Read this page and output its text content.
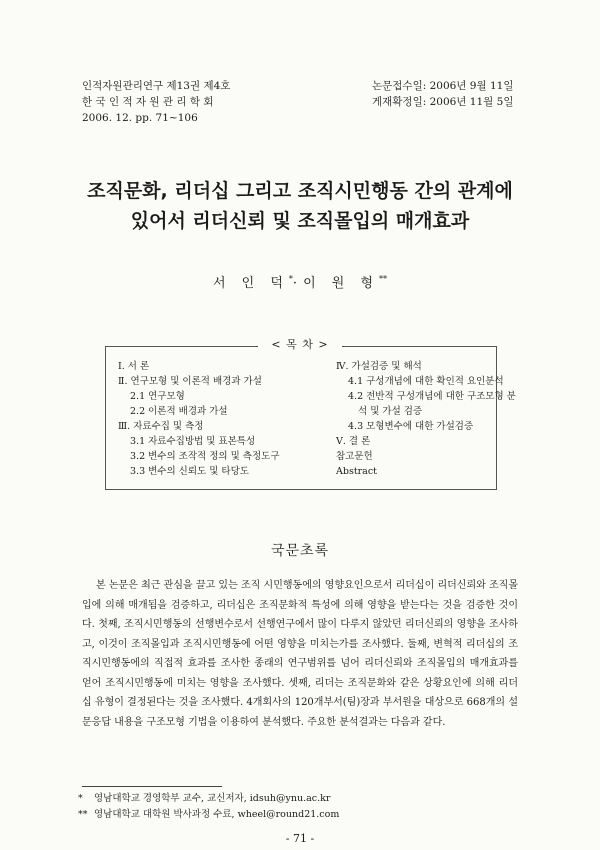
인적자원관리연구 제13권 제4호
한 국 인 적 자 원 관 리 학 회
2006. 12. pp. 71~106
논문접수일: 2006년 9월 11일
게재확정일: 2006년 11월 5일
조직문화, 리더십 그리고 조직시민행동 간의 관계에
있어서 리더신뢰 및 조직몰입의 매개효과
서 인 덕*·이 원 형**
Ⅰ. 서 론
Ⅱ. 연구모형 및 이론적 배경과 가설
2.1 연구모형
2.2 이론적 배경과 가설
Ⅲ. 자료수집 및 측정
3.1 자료수집방법 및 표본특성
3.2 변수의 조작적 정의 및 측정도구
3.3 변수의 신뢰도 및 타당도
Ⅳ. 가설검증 및 해석
4.1 구성개념에 대한 확인적 요인분석
4.2 전반적 구성개념에 대한 구조모형 분
석 및 가설 검증
4.3 모형변수에 대한 가설검증
Ⅴ. 결 론
참고문헌
Abstract
< 목 차 >
국문초록
본 논문은 최근 관심을 끌고 있는 조직 시민행동에의 영향요인으로서 리더십이 리더신뢰와 조직몰입에 의해 매개됨을 검증하고, 리더십은 조직문화적 특성에 의해 영향을 받는다는 것을 검증한 것이다. 첫째, 조직시민행동의 선행변수로서 선행연구에서 많이 다루지 않았던 리더신뢰의 영향을 조사하고, 이것이 조직몰입과 조직시민행동에 어떤 영향을 미치는가를 조사했다. 둘째, 변혁적 리더십의 조직시민행동에의 직접적 효과를 조사한 종래의 연구범위를 넘어 리더신뢰와 조직몰입의 매개효과를 얻어 조직시민행동에 미치는 영향을 조사했다. 셋째, 리더는 조직문화와 같은 상황요인에 의해 리더십 유형이 결정된다는 것을 조사했다. 4개회사의 120개부서(팀)장과 부서원을 대상으로 668개의 설문응답 내용을 구조모형 기법을 이용하여 분석했다. 주요한 분석결과는 다음과 같다.
* 영남대학교 경영학부 교수, 교신저자, idsuh@ynu.ac.kr
** 영남대학교 대학원 박사과정 수료, wheel@round21.com
- 71 -
